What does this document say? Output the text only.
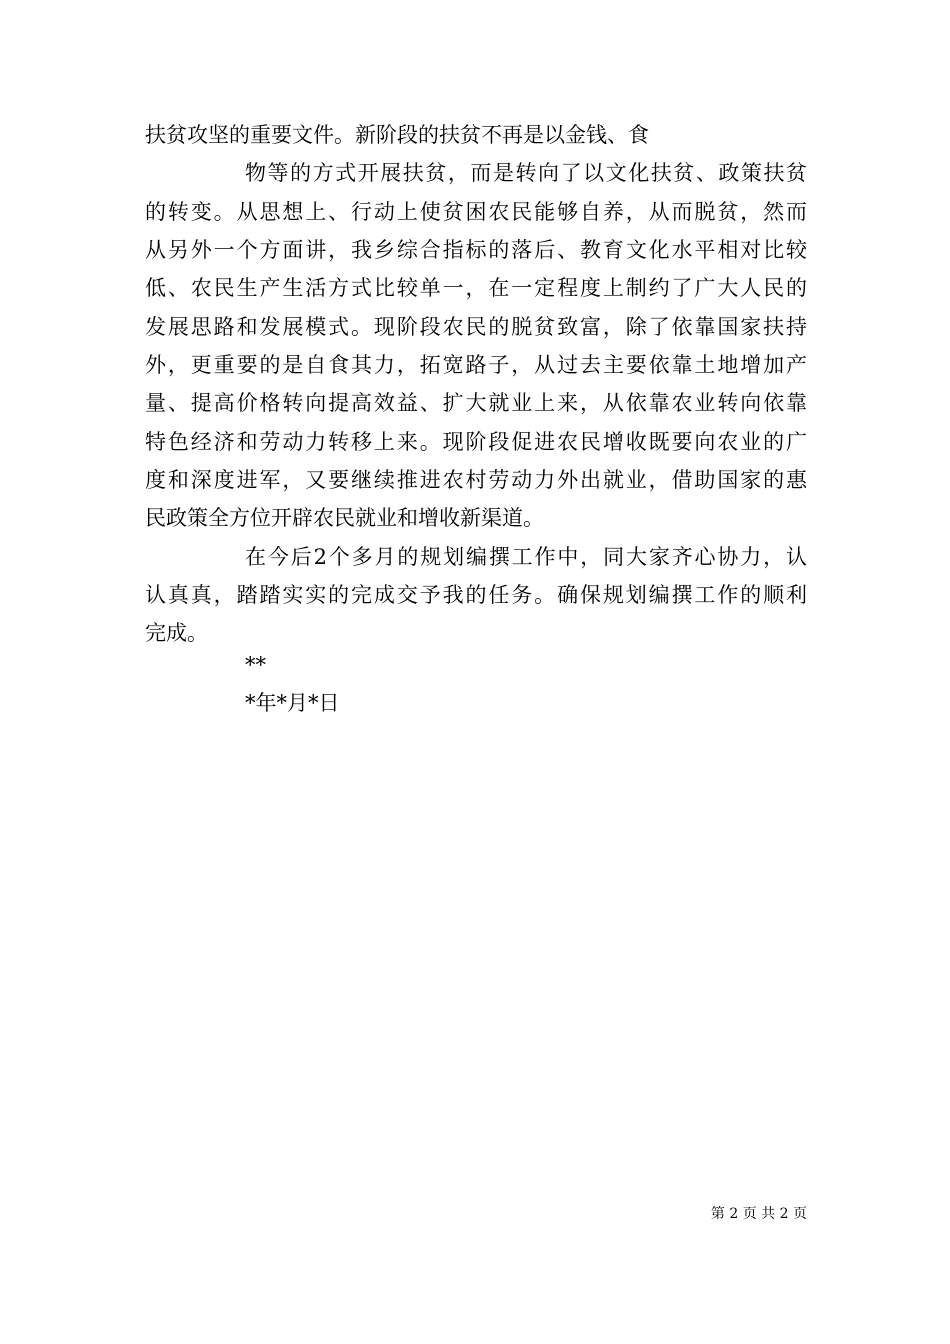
扶贫攻坚的重要文件。新阶段的扶贫不再是以金钱、食

物等的方式开展扶贫，而是转向了以文化扶贫、政策扶贫

的转变。从思想上、行动上使贫困农民能够自养，从而脱贫，然而

从另外一个方面讲，我乡综合指标的落后、教育文化水平相对比较

低、农民生产生活方式比较单一，在一定程度上制约了广大人民的

发展思路和发展模式。现阶段农民的脱贫致富，除了依靠国家扶持

外，更重要的是自食其力，拓宽路子，从过去主要依靠土地增加产

量、提高价格转向提高效益、扩大就业上来，从依靠农业转向依靠

特色经济和劳动力转移上来。现阶段促进农民增收既要向农业的广

度和深度进军，又要继续推进农村劳动力外出就业，借助国家的惠

民政策全方位开辟农民就业和增收新渠道。

在今后2个多月的规划编撰工作中，同大家齐心协力，认

认真真，踏踏实实的完成交予我的任务。确保规划编撰工作的顺利

完成。

**

*年*月*日

第 2 页 共 2 页
